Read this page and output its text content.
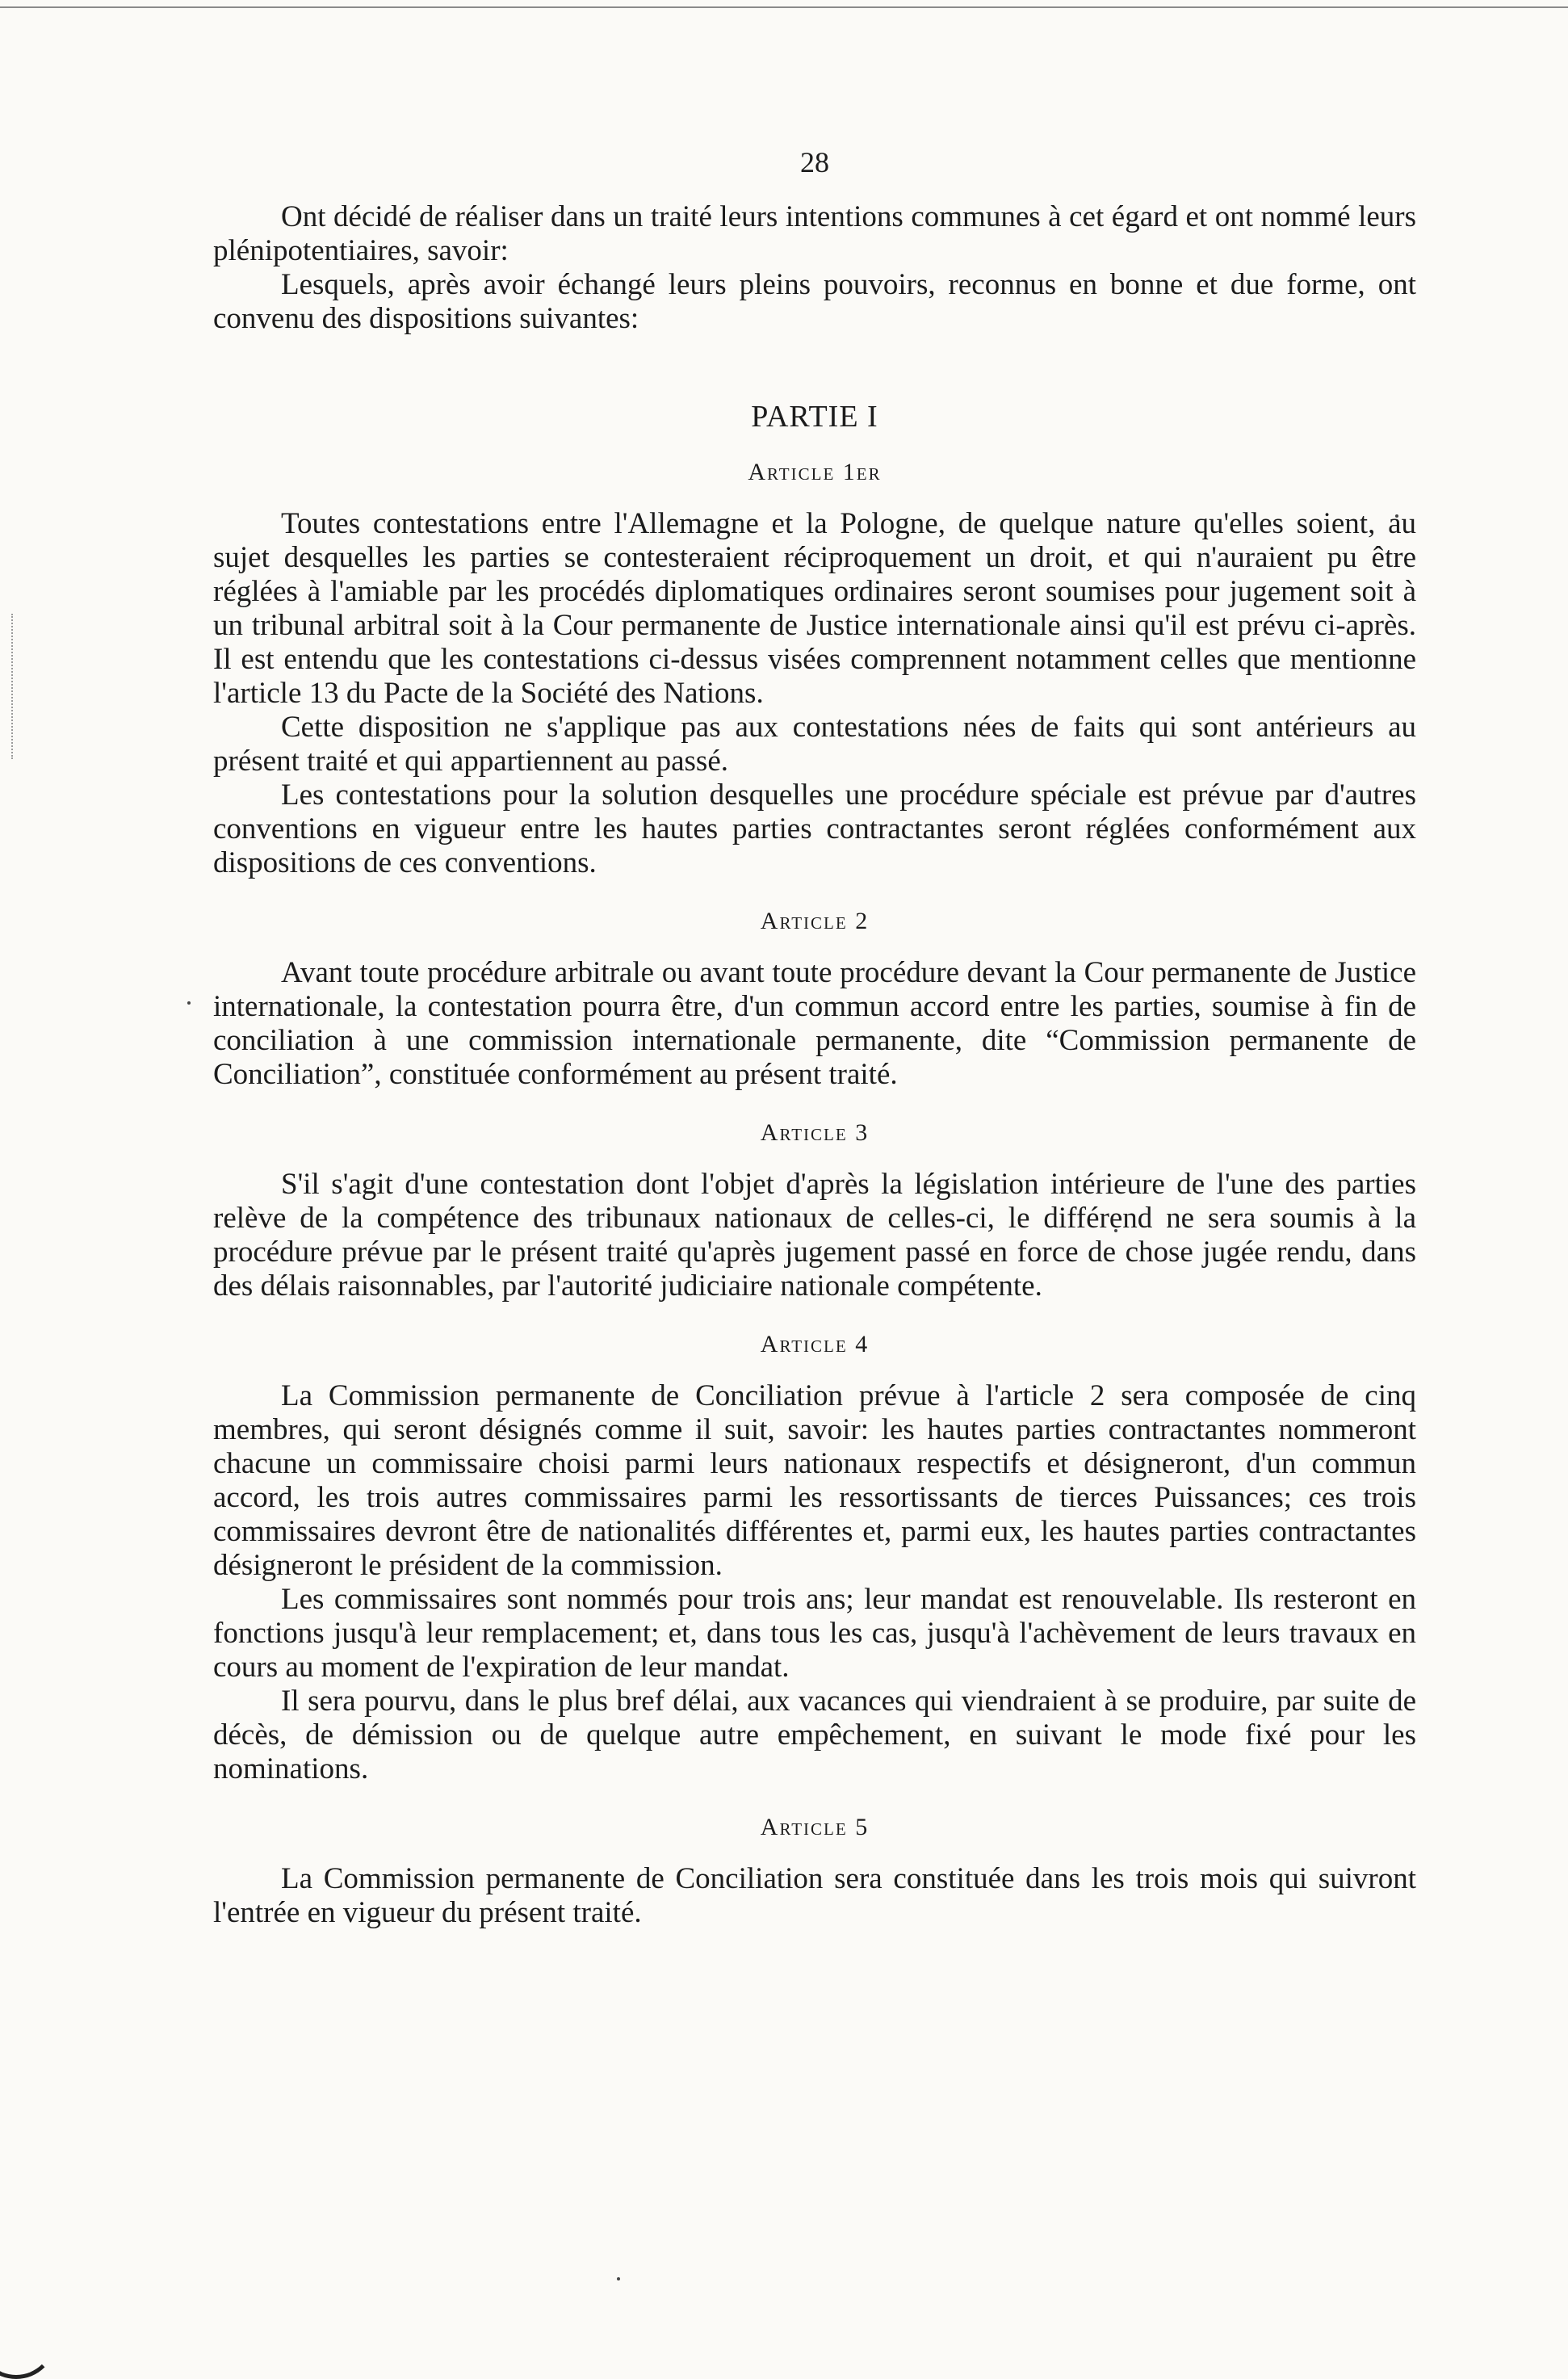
28

Ont décidé de réaliser dans un traité leurs intentions communes à cet égard et ont nommé leurs plénipotentiaires, savoir:

Lesquels, après avoir échangé leurs pleins pouvoirs, reconnus en bonne et due forme, ont convenu des dispositions suivantes:

PARTIE I
Article 1er

Toutes contestations entre l'Allemagne et la Pologne, de quelque nature qu'elles soient, au sujet desquelles les parties se contesteraient réciproquement un droit, et qui n'auraient pu être réglées à l'amiable par les procédés diplomatiques ordinaires seront soumises pour jugement soit à un tribunal arbitral soit à la Cour permanente de Justice internationale ainsi qu'il est prévu ci-après. Il est entendu que les contestations ci-dessus visées comprennent notamment celles que mentionne l'article 13 du Pacte de la Société des Nations.

Cette disposition ne s'applique pas aux contestations nées de faits qui sont antérieurs au présent traité et qui appartiennent au passé.

Les contestations pour la solution desquelles une procédure spéciale est prévue par d'autres conventions en vigueur entre les hautes parties contractantes seront réglées conformément aux dispositions de ces conventions.

Article 2

Avant toute procédure arbitrale ou avant toute procédure devant la Cour permanente de Justice internationale, la contestation pourra être, d'un commun accord entre les parties, soumise à fin de conciliation à une commission internationale permanente, dite “Commission permanente de Conciliation”, constituée conformément au présent traité.

Article 3

S'il s'agit d'une contestation dont l'objet d'après la législation intérieure de l'une des parties relève de la compétence des tribunaux nationaux de celles-ci, le différend ne sera soumis à la procédure prévue par le présent traité qu'après jugement passé en force de chose jugée rendu, dans des délais raisonnables, par l'autorité judiciaire nationale compétente.

Article 4

La Commission permanente de Conciliation prévue à l'article 2 sera composée de cinq membres, qui seront désignés comme il suit, savoir: les hautes parties contractantes nommeront chacune un commissaire choisi parmi leurs nationaux respectifs et désigneront, d'un commun accord, les trois autres commissaires parmi les ressortissants de tierces Puissances; ces trois commissaires devront être de nationalités différentes et, parmi eux, les hautes parties contractantes désigneront le président de la commission.

Les commissaires sont nommés pour trois ans; leur mandat est renouvelable. Ils resteront en fonctions jusqu'à leur remplacement; et, dans tous les cas, jusqu'à l'achèvement de leurs travaux en cours au moment de l'expiration de leur mandat.

Il sera pourvu, dans le plus bref délai, aux vacances qui viendraient à se produire, par suite de décès, de démission ou de quelque autre empêchement, en suivant le mode fixé pour les nominations.

Article 5

La Commission permanente de Conciliation sera constituée dans les trois mois qui suivront l'entrée en vigueur du présent traité.
